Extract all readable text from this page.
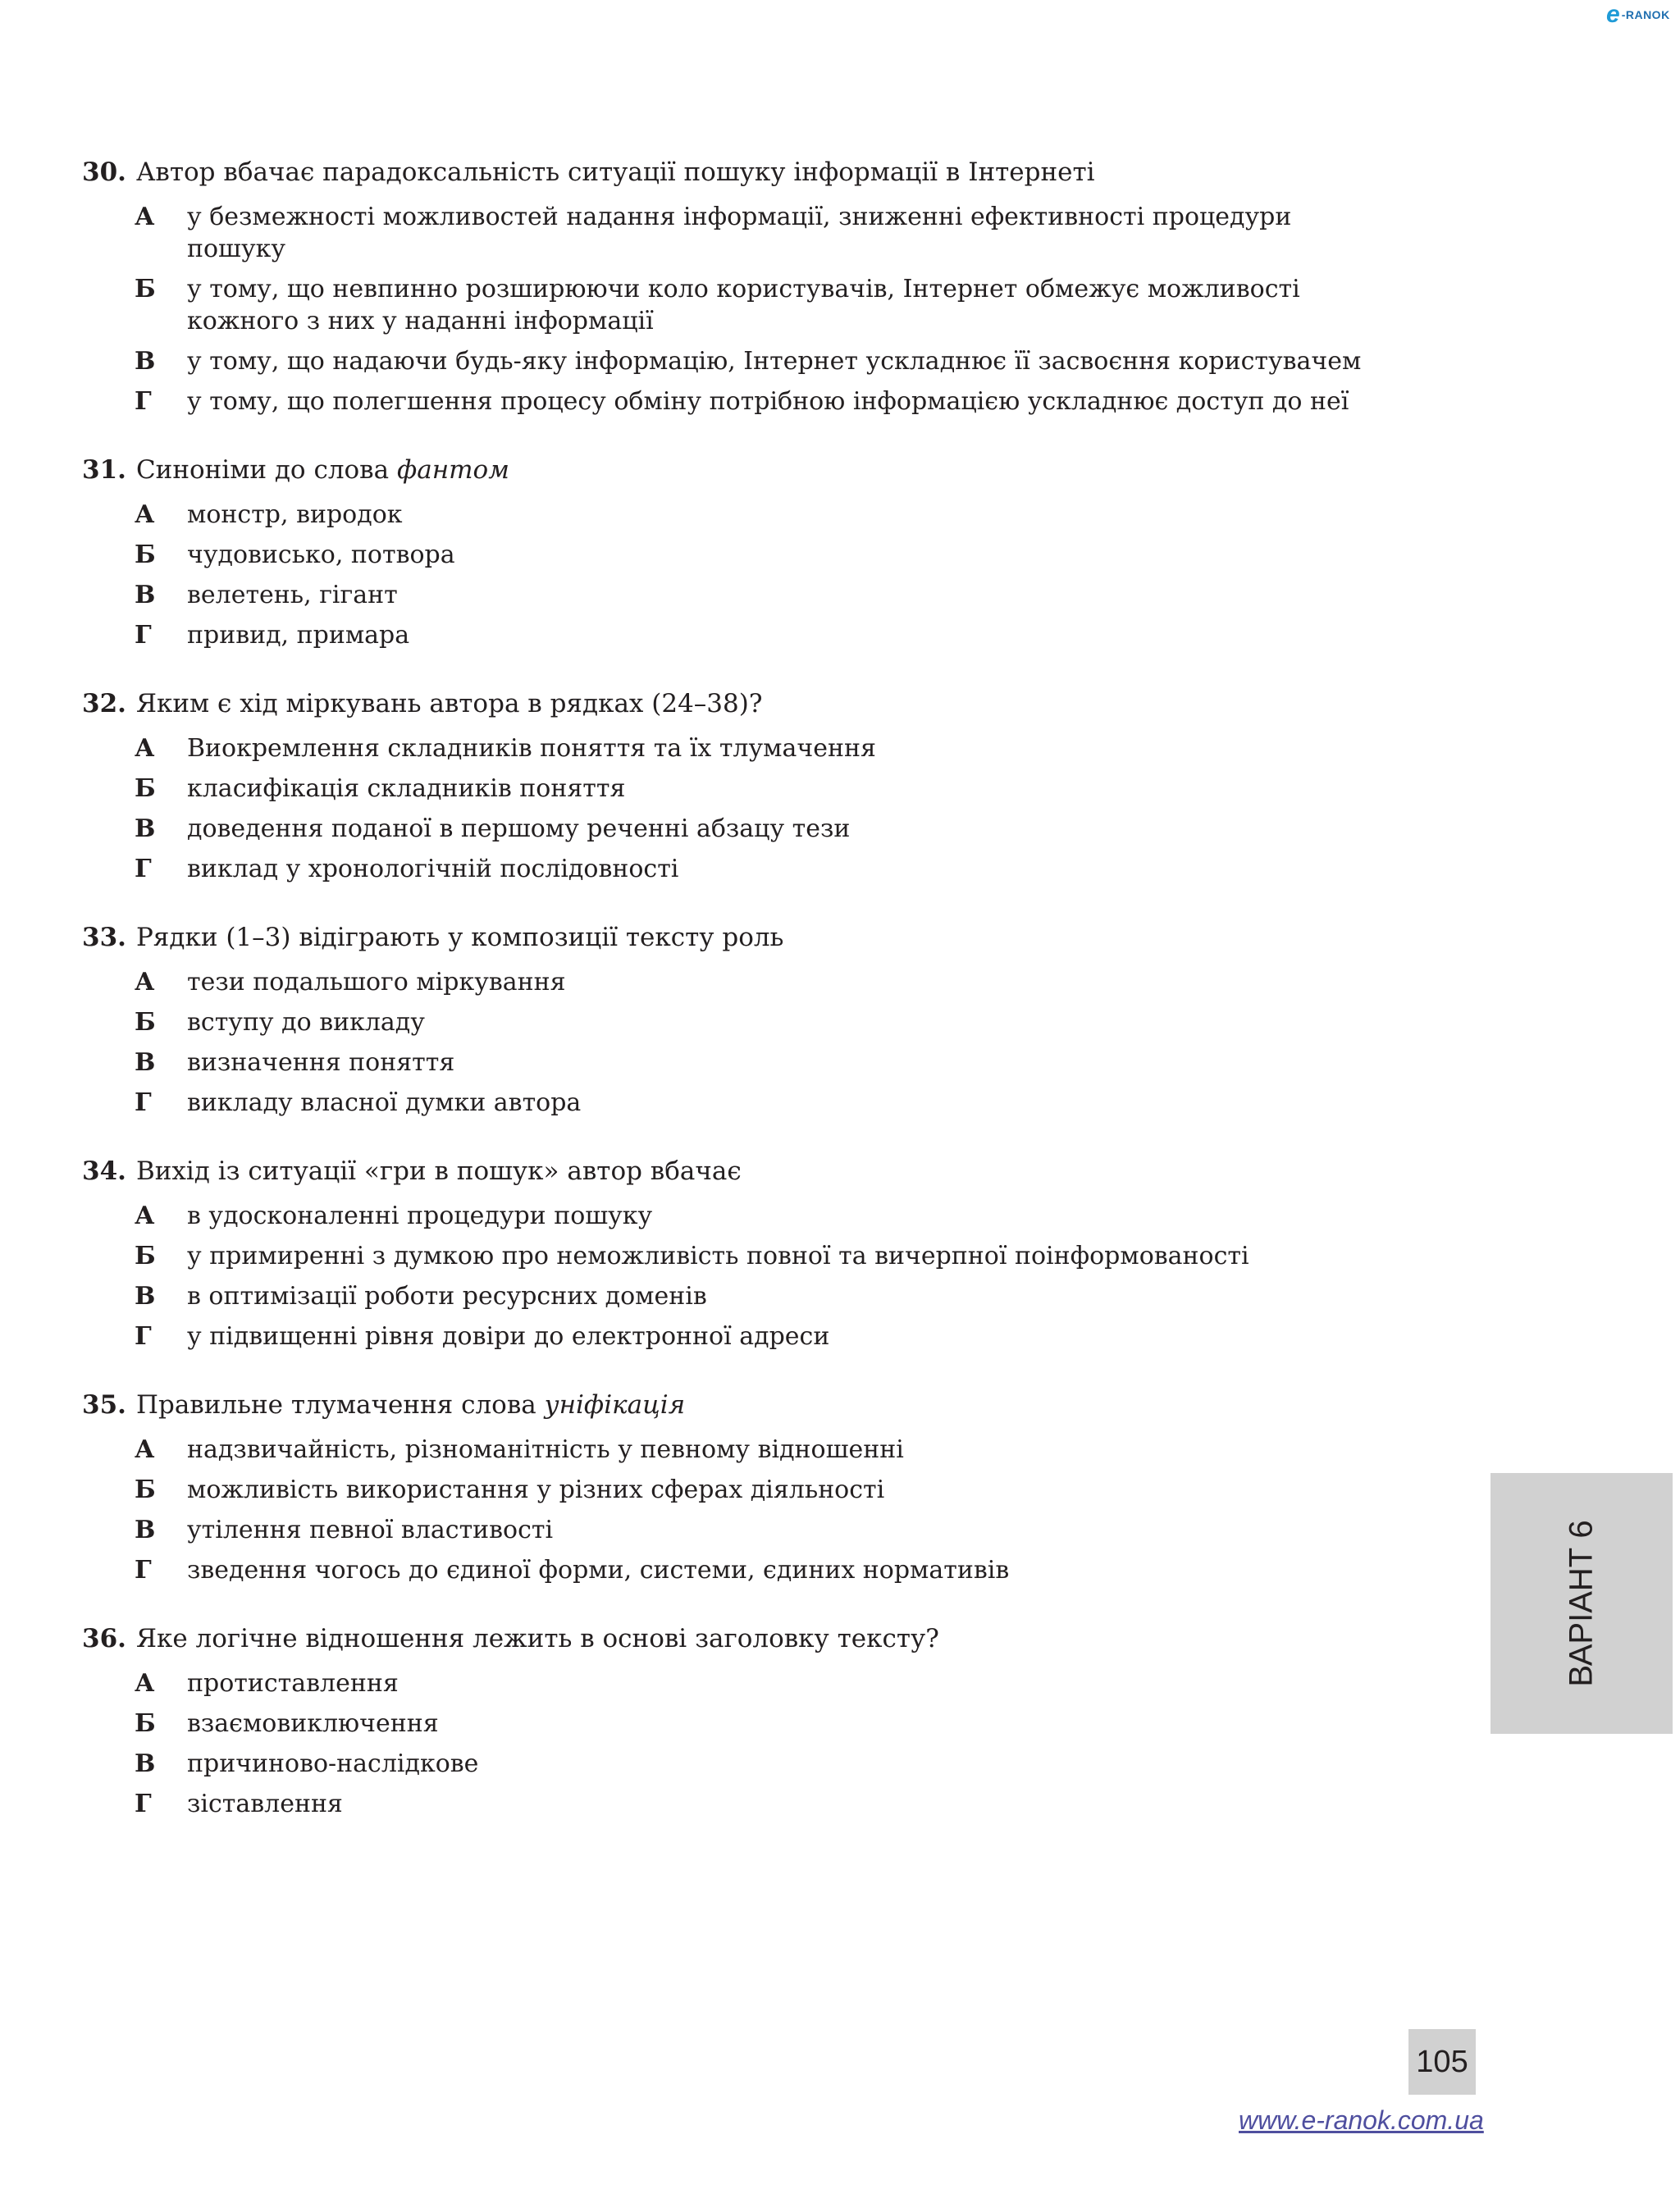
e -RANOK
30. Автор вбачає парадоксальність ситуації пошуку інформації в Інтернеті
А	у безмежності можливостей надання інформації, зниженні ефективності процедури пошуку
Б	у тому, що невпинно розширюючи коло користувачів, Інтернет обмежує можливості кожного з них у наданні інформації
В	у тому, що надаючи будь-яку інформацію, Інтернет ускладнює її засвоєння користувачем
Г	у тому, що полегшення процесу обміну потрібною інформацією ускладнює доступ до неї
31. Синоніми до слова фантом
А	монстр, виродок
Б	чудовисько, потвора
В	велетень, гігант
Г	привид, примара
32. Яким є хід міркувань автора в рядках (24–38)?
А	Виокремлення складників поняття та їх тлумачення
Б	класифікація складників поняття
В	доведення поданої в першому реченні абзацу тези
Г	виклад у хронологічній послідовності
33. Рядки (1–3) відіграють у композиції тексту роль
А	тези подальшого міркування
Б	вступу до викладу
В	визначення поняття
Г	викладу власної думки автора
34. Вихід із ситуації «гри в пошук» автор вбачає
А	в удосконаленні процедури пошуку
Б	у примиренні з думкою про неможливість повної та вичерпної поінформованості
В	в оптимізації роботи ресурсних доменів
Г	у підвищенні рівня довіри до електронної адреси
35. Правильне тлумачення слова уніфікація
А	надзвичайність, різноманітність у певному відношенні
Б	можливість використання у різних сферах діяльності
В	утілення певної властивості
Г	зведення чогось до єдиної форми, системи, єдиних нормативів
36. Яке логічне відношення лежить в основі заголовку тексту?
А	протиставлення
Б	взаємовиключення
В	причиново-наслідкове
Г	зіставлення
ВАРІАНТ 6
105
www.e-ranok.com.ua
